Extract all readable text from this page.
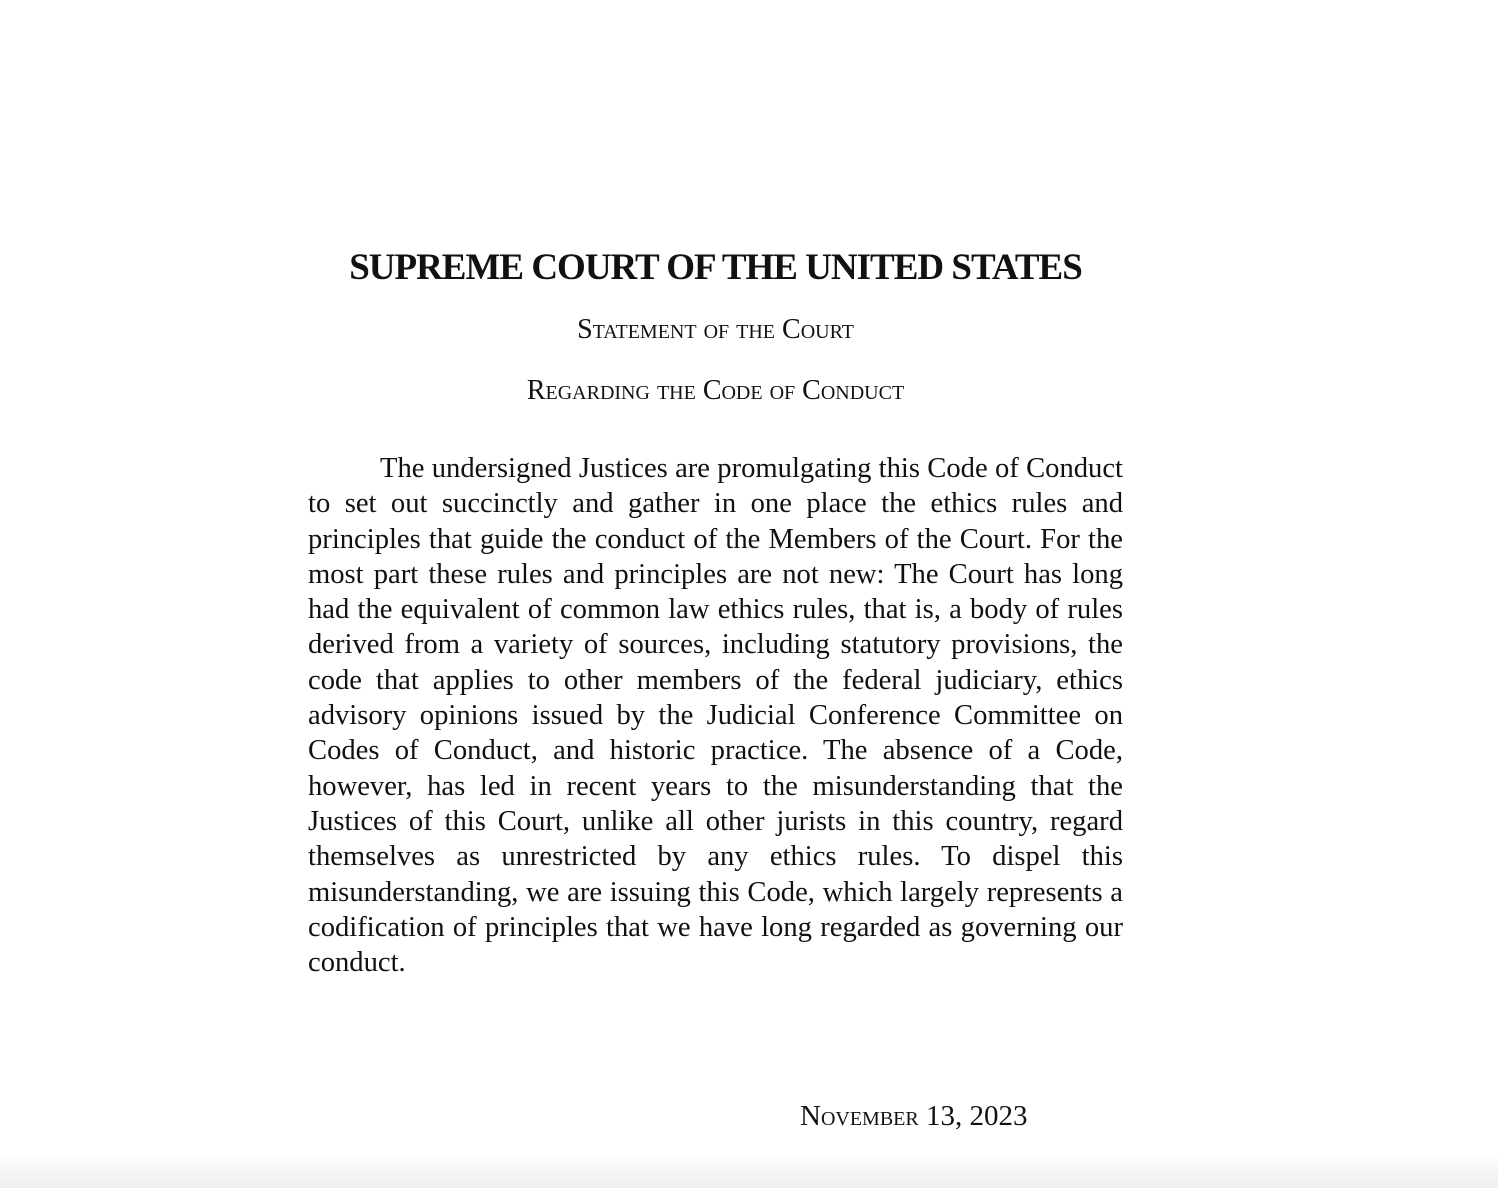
SUPREME COURT OF THE UNITED STATES

Statement of the Court

Regarding the Code of Conduct

The undersigned Justices are promulgating this Code of Conduct to set out succinctly and gather in one place the ethics rules and principles that guide the conduct of the Members of the Court. For the most part these rules and principles are not new: The Court has long had the equivalent of common law ethics rules, that is, a body of rules derived from a variety of sources, including statutory provisions, the code that applies to other members of the federal judiciary, ethics advisory opinions issued by the Judicial Conference Committee on Codes of Conduct, and historic practice. The absence of a Code, however, has led in recent years to the misunderstanding that the Justices of this Court, unlike all other jurists in this country, regard themselves as unrestricted by any ethics rules. To dispel this misunderstanding, we are issuing this Code, which largely represents a codification of principles that we have long regarded as governing our conduct.

November 13, 2023
